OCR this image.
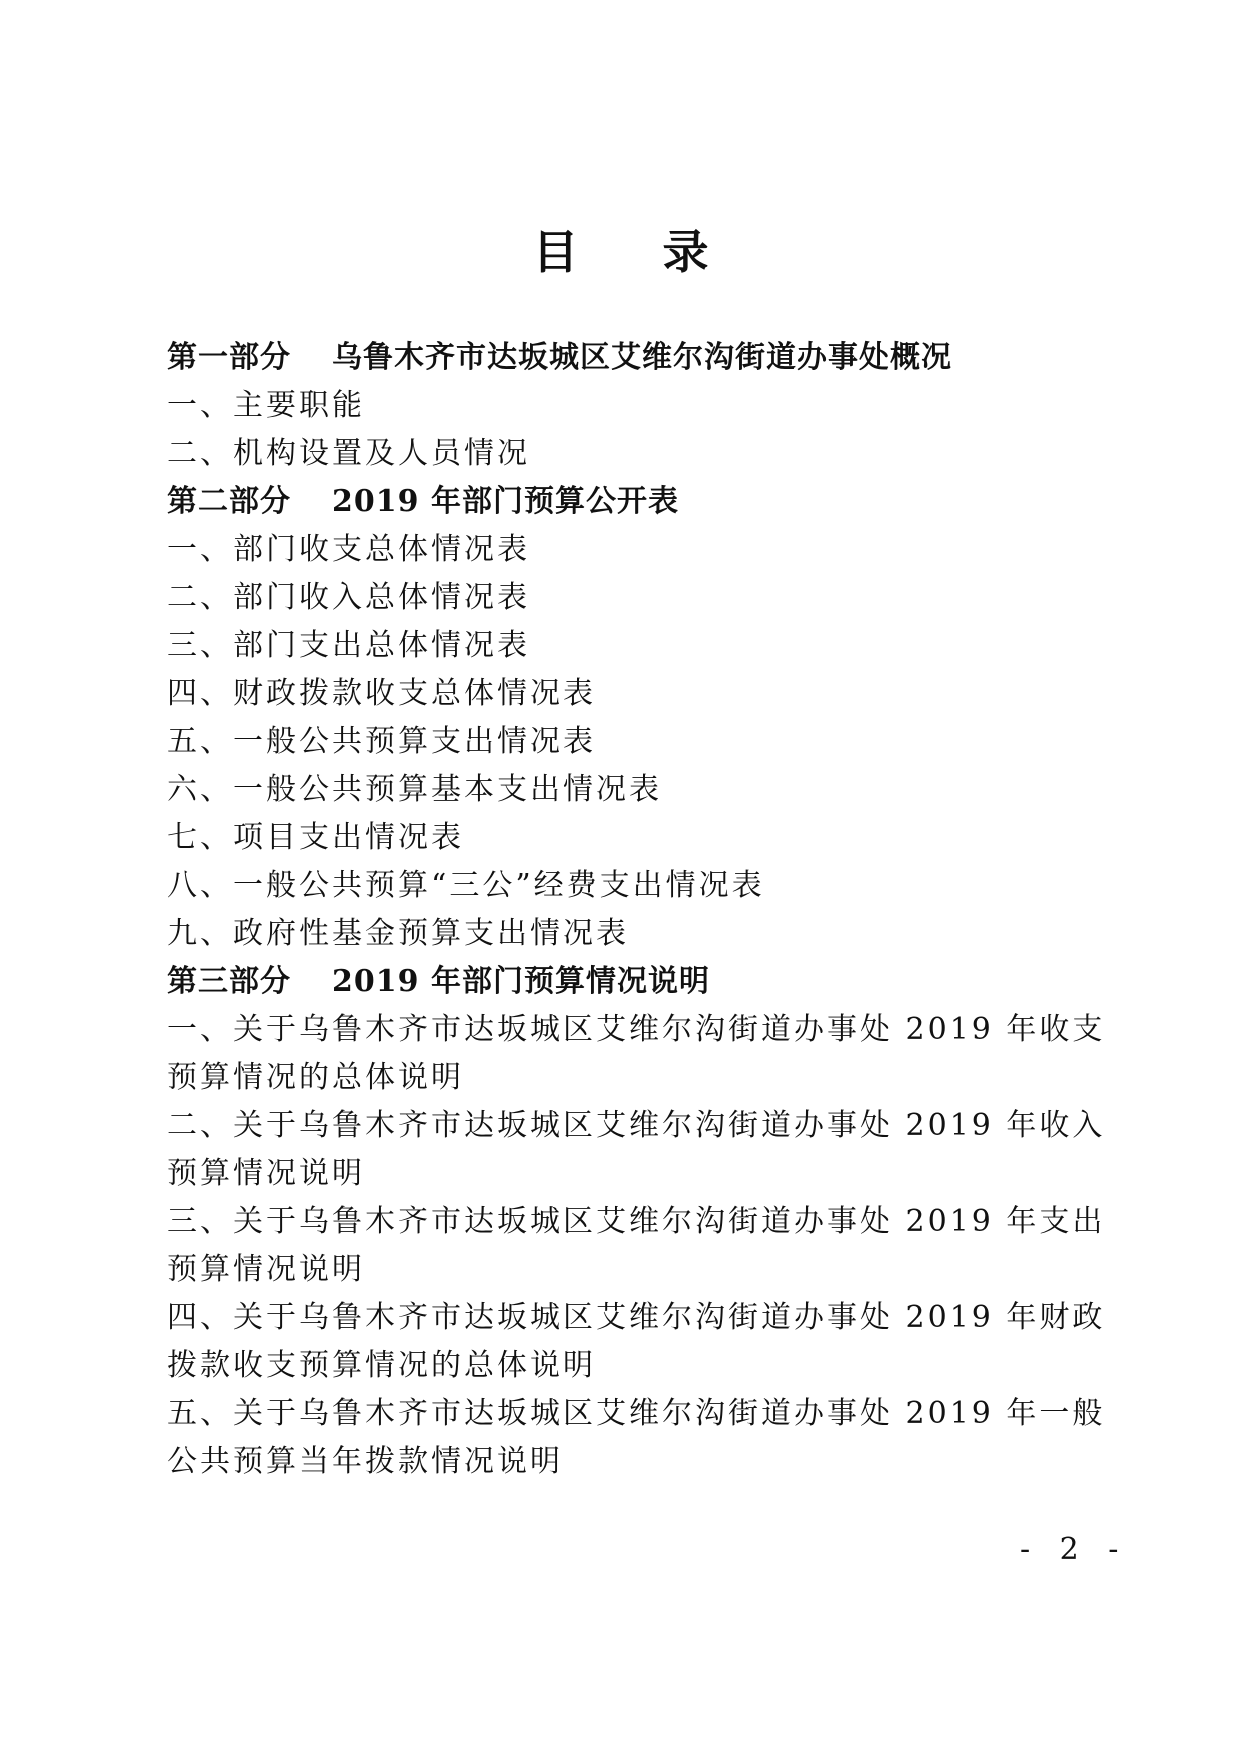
目 录
第一部分 乌鲁木齐市达坂城区艾维尔沟街道办事处概况
一、主要职能
二、机构设置及人员情况
第二部分 2019 年部门预算公开表
一、部门收支总体情况表
二、部门收入总体情况表
三、部门支出总体情况表
四、财政拨款收支总体情况表
五、一般公共预算支出情况表
六、一般公共预算基本支出情况表
七、项目支出情况表
八、一般公共预算“三公”经费支出情况表
九、政府性基金预算支出情况表
第三部分 2019 年部门预算情况说明
一、关于乌鲁木齐市达坂城区艾维尔沟街道办事处 2019 年收支
预算情况的总体说明
二、关于乌鲁木齐市达坂城区艾维尔沟街道办事处 2019 年收入
预算情况说明
三、关于乌鲁木齐市达坂城区艾维尔沟街道办事处 2019 年支出
预算情况说明
四、关于乌鲁木齐市达坂城区艾维尔沟街道办事处 2019 年财政
拨款收支预算情况的总体说明
五、关于乌鲁木齐市达坂城区艾维尔沟街道办事处 2019 年一般
公共预算当年拨款情况说明
- 2 -
